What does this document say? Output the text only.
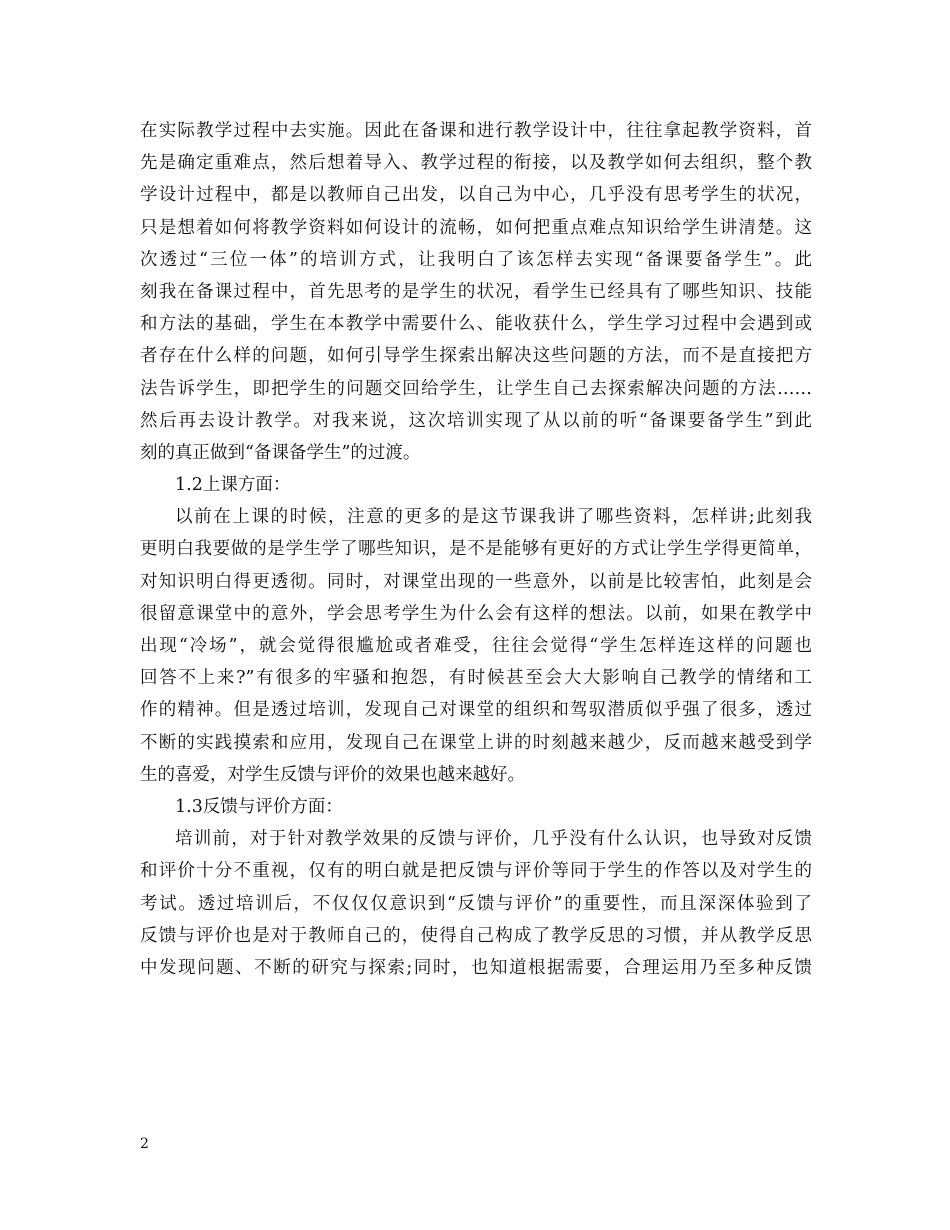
在实际教学过程中去实施。因此在备课和进行教学设计中，往往拿起教学资料，首
先是确定重难点，然后想着导入、教学过程的衔接，以及教学如何去组织，整个教
学设计过程中，都是以教师自己出发，以自己为中心，几乎没有思考学生的状况，
只是想着如何将教学资料如何设计的流畅，如何把重点难点知识给学生讲清楚。这
次透过“三位一体”的培训方式，让我明白了该怎样去实现“备课要备学生”。此
刻我在备课过程中，首先思考的是学生的状况，看学生已经具有了哪些知识、技能
和方法的基础，学生在本教学中需要什么、能收获什么，学生学习过程中会遇到或
者存在什么样的问题，如何引导学生探索出解决这些问题的方法，而不是直接把方
法告诉学生，即把学生的问题交回给学生，让学生自己去探索解决问题的方法……
然后再去设计教学。对我来说，这次培训实现了从以前的听“备课要备学生”到此
刻的真正做到“备课备学生”的过渡。
1.2上课方面：
以前在上课的时候，注意的更多的是这节课我讲了哪些资料，怎样讲;此刻我
更明白我要做的是学生学了哪些知识，是不是能够有更好的方式让学生学得更简单，
对知识明白得更透彻。同时，对课堂出现的一些意外，以前是比较害怕，此刻是会
很留意课堂中的意外，学会思考学生为什么会有这样的想法。以前，如果在教学中
出现“冷场”，就会觉得很尴尬或者难受，往往会觉得“学生怎样连这样的问题也
回答不上来?”有很多的牢骚和抱怨，有时候甚至会大大影响自己教学的情绪和工
作的精神。但是透过培训，发现自己对课堂的组织和驾驭潜质似乎强了很多，透过
不断的实践摸索和应用，发现自己在课堂上讲的时刻越来越少，反而越来越受到学
生的喜爱，对学生反馈与评价的效果也越来越好。
1.3反馈与评价方面：
培训前，对于针对教学效果的反馈与评价，几乎没有什么认识，也导致对反馈
和评价十分不重视，仅有的明白就是把反馈与评价等同于学生的作答以及对学生的
考试。透过培训后，不仅仅仅意识到“反馈与评价”的重要性，而且深深体验到了
反馈与评价也是对于教师自己的，使得自己构成了教学反思的习惯，并从教学反思
中发现问题、不断的研究与探索;同时，也知道根据需要，合理运用乃至多种反馈
2
